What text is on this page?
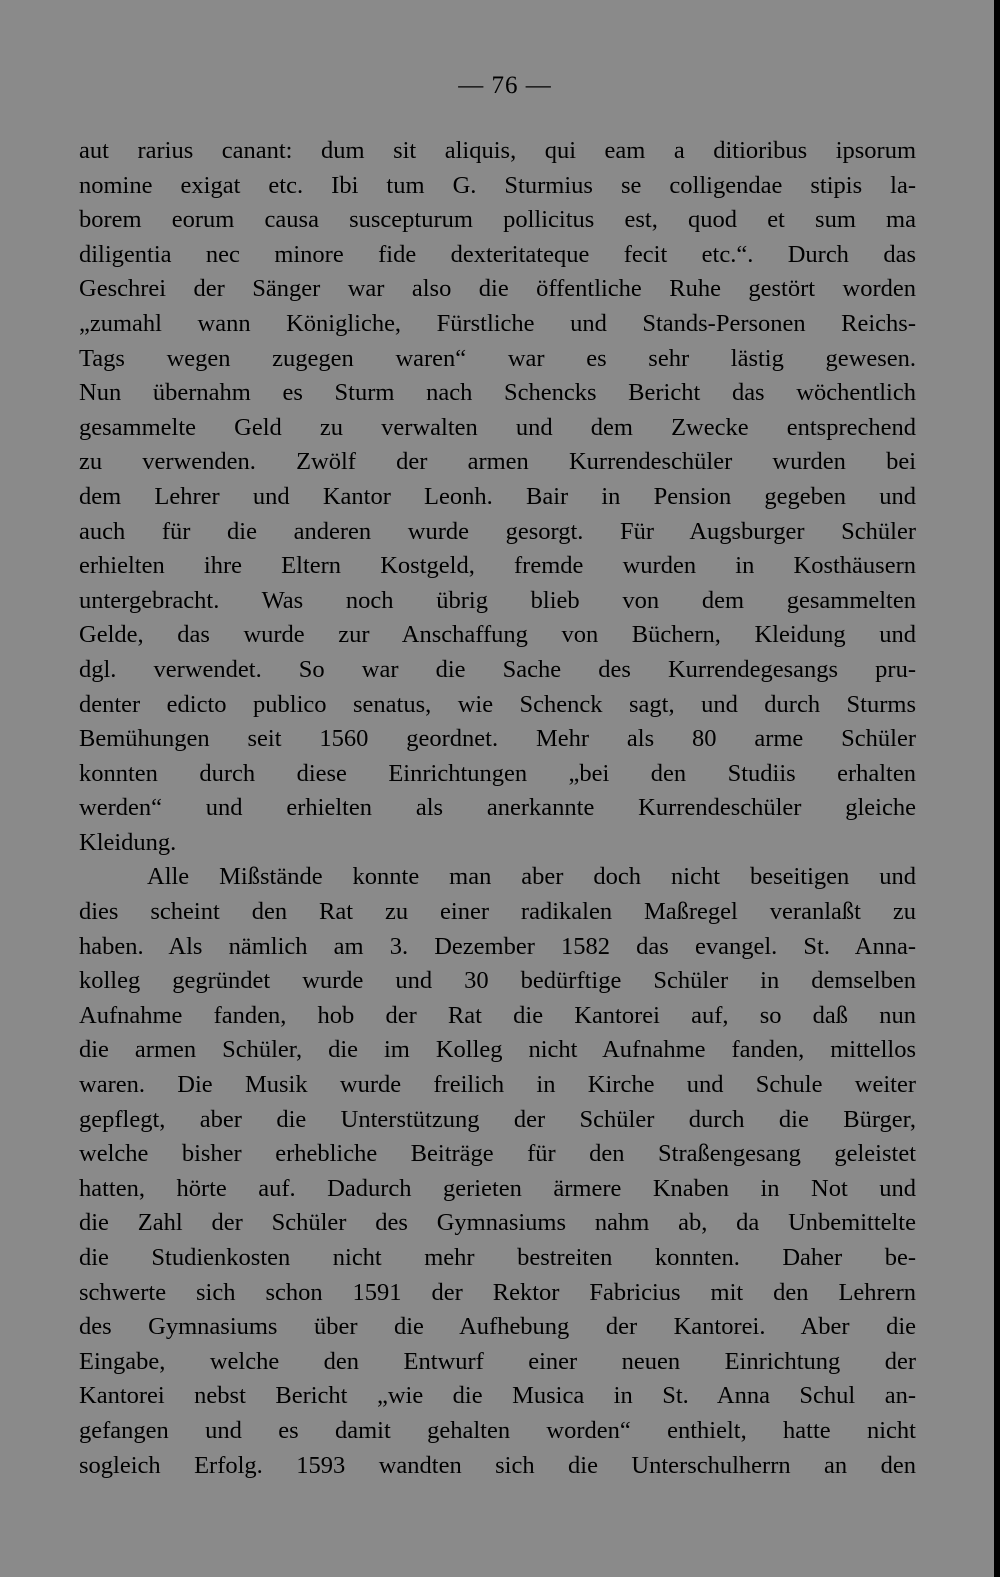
— 76 —
aut rarius canant: dum sit aliquis, qui eam a ditioribus ipsorum
nomine exigat etc. Ibi tum G. Sturmius se colligendae stipis la-
borem eorum causa suscepturum pollicitus est, quod et sum ma
diligentia nec minore fide dexteritateque fecit etc.“. Durch das
Geschrei der Sänger war also die öffentliche Ruhe gestört worden
„zumahl wann Königliche, Fürstliche und Stands-Personen Reichs-
Tags wegen zugegen waren“ war es sehr lästig gewesen.
Nun übernahm es Sturm nach Schencks Bericht das wöchentlich
gesammelte Geld zu verwalten und dem Zwecke entsprechend
zu verwenden. Zwölf der armen Kurrendeschüler wurden bei
dem Lehrer und Kantor Leonh. Bair in Pension gegeben und
auch für die anderen wurde gesorgt. Für Augsburger Schüler
erhielten ihre Eltern Kostgeld, fremde wurden in Kosthäusern
untergebracht. Was noch übrig blieb von dem gesammelten
Gelde, das wurde zur Anschaffung von Büchern, Kleidung und
dgl. verwendet. So war die Sache des Kurrendegesangs pru-
denter edicto publico senatus, wie Schenck sagt, und durch Sturms
Bemühungen seit 1560 geordnet. Mehr als 80 arme Schüler
konnten durch diese Einrichtungen „bei den Studiis erhalten
werden“ und erhielten als anerkannte Kurrendeschüler gleiche
Kleidung.
Alle Mißstände konnte man aber doch nicht beseitigen und
dies scheint den Rat zu einer radikalen Maßregel veranlaßt zu
haben. Als nämlich am 3. Dezember 1582 das evangel. St. Anna-
kolleg gegründet wurde und 30 bedürftige Schüler in demselben
Aufnahme fanden, hob der Rat die Kantorei auf, so daß nun
die armen Schüler, die im Kolleg nicht Aufnahme fanden, mittellos
waren. Die Musik wurde freilich in Kirche und Schule weiter
gepflegt, aber die Unterstützung der Schüler durch die Bürger,
welche bisher erhebliche Beiträge für den Straßengesang geleistet
hatten, hörte auf. Dadurch gerieten ärmere Knaben in Not und
die Zahl der Schüler des Gymnasiums nahm ab, da Unbemittelte
die Studienkosten nicht mehr bestreiten konnten. Daher be-
schwerte sich schon 1591 der Rektor Fabricius mit den Lehrern
des Gymnasiums über die Aufhebung der Kantorei. Aber die
Eingabe, welche den Entwurf einer neuen Einrichtung der
Kantorei nebst Bericht „wie die Musica in St. Anna Schul an-
gefangen und es damit gehalten worden“ enthielt, hatte nicht
sogleich Erfolg. 1593 wandten sich die Unterschulherrn an den
